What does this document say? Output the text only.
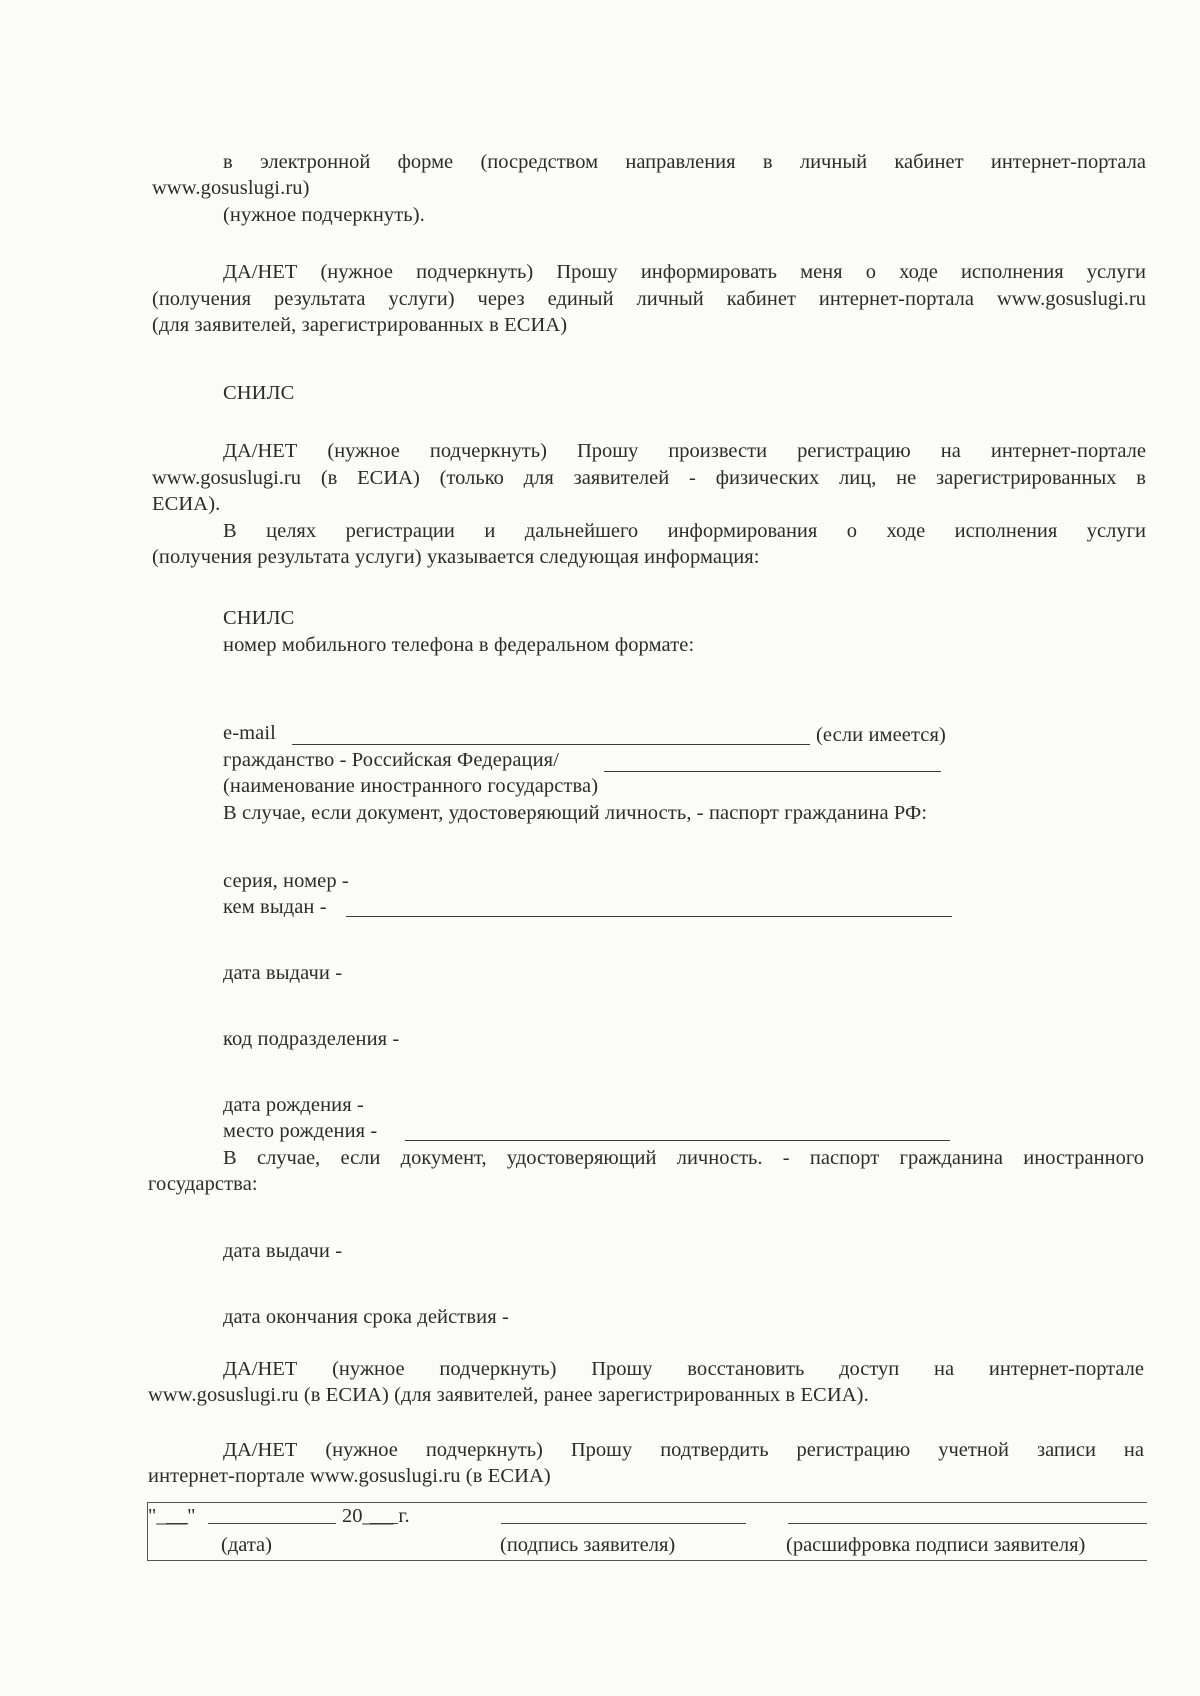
в электронной форме (посредством направления в личный кабинет интернет-портала
www.gosuslugi.ru)
(нужное подчеркнуть).
ДА/НЕТ (нужное подчеркнуть) Прошу информировать меня о ходе исполнения услуги
(получения результата услуги) через единый личный кабинет интернет-портала www.gosuslugi.ru
(для заявителей, зарегистрированных в ЕСИА)
СНИЛС
ДА/НЕТ (нужное подчеркнуть) Прошу произвести регистрацию на интернет-портале
www.gosuslugi.ru (в ЕСИА) (только для заявителей - физических лиц, не зарегистрированных в
ЕСИА).
В целях регистрации и дальнейшего информирования о ходе исполнения услуги
(получения результата услуги) указывается следующая информация:
СНИЛС
номер мобильного телефона в федеральном формате:
e-mail	(если имеется)
гражданство - Российская Федерация/
(наименование иностранного государства)
В случае, если документ, удостоверяющий личность, - паспорт гражданина РФ:
серия, номер -
кем выдан -
дата выдачи -
код подразделения -
дата рождения -
место рождения -
В случае, если документ, удостоверяющий личность. - паспорт гражданина иностранного
государства:
дата выдачи -
дата окончания срока действия -
ДА/НЕТ (нужное подчеркнуть) Прошу восстановить доступ на интернет-портале
www.gosuslugi.ru (в ЕСИА) (для заявителей, ранее зарегистрированных в ЕСИА).
ДА/НЕТ (нужное подчеркнуть) Прошу подтвердить регистрацию учетной записи на
интернет-портале www.gosuslugi.ru (в ЕСИА)
"___"	20___ г.
(дата)	(подпись заявителя)	(расшифровка подписи заявителя)
